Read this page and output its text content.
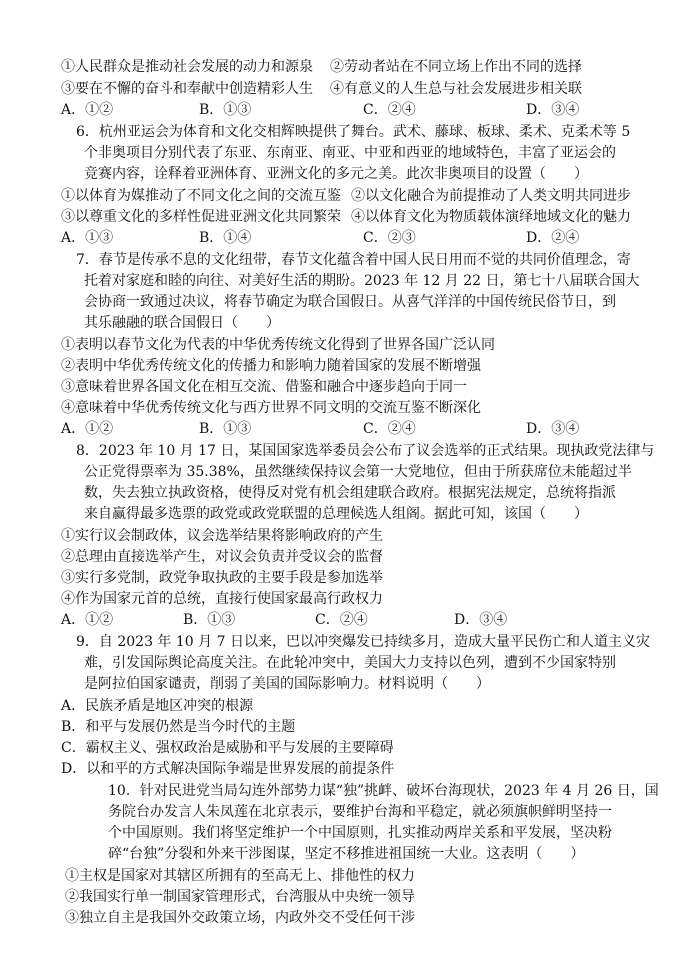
①人民群众是推动社会发展的动力和源泉 ②劳动者站在不同立场上作出不同的选择
③要在不懈的奋斗和奉献中创造精彩人生 ④有意义的人生总与社会发展进步相关联
A．①②	B．①③	C．②④	D．③④
6．杭州亚运会为体育和文化交相辉映提供了舞台。武术、藤球、板球、柔术、克柔术等 5
个非奥项目分别代表了东亚、东南亚、南亚、中亚和西亚的地域特色，丰富了亚运会的
竞赛内容，诠释着亚洲体育、亚洲文化的多元之美。此次非奥项目的设置（　　）
①以体育为媒推动了不同文化之间的交流互鉴 ②以文化融合为前提推动了人类文明共同进步
③以尊重文化的多样性促进亚洲文化共同繁荣 ④以体育文化为物质载体演绎地域文化的魅力
A．①③	B．①④	C．②③	D．②④
7．春节是传承不息的文化纽带，春节文化蕴含着中国人民日用而不觉的共同价值理念，寄
托着对家庭和睦的向往、对美好生活的期盼。2023 年 12 月 22 日，第七十八届联合国大
会协商一致通过决议，将春节确定为联合国假日。从喜气洋洋的中国传统民俗节日，到
其乐融融的联合国假日（　　）
①表明以春节文化为代表的中华优秀传统文化得到了世界各国广泛认同
②表明中华优秀传统文化的传播力和影响力随着国家的发展不断增强
③意味着世界各国文化在相互交流、借鉴和融合中逐步趋向于同一
④意味着中华优秀传统文化与西方世界不同文明的交流互鉴不断深化
A．①②	B．①③	C．②④	D．③④
8．2023 年 10 月 17 日，某国国家选举委员会公布了议会选举的正式结果。现执政党法律与
公正党得票率为 35.38%，虽然继续保持议会第一大党地位，但由于所获席位未能超过半
数，失去独立执政资格，使得反对党有机会组建联合政府。根据宪法规定，总统将指派
来自赢得最多选票的政党或政党联盟的总理候选人组阁。据此可知，该国（　　）
①实行议会制政体，议会选举结果将影响政府的产生
②总理由直接选举产生，对议会负责并受议会的监督
③实行多党制，政党争取执政的主要手段是参加选举
④作为国家元首的总统，直接行使国家最高行政权力
A．①②	B．①③	C．②④	D．③④
9．自 2023 年 10 月 7 日以来，巴以冲突爆发已持续多月，造成大量平民伤亡和人道主义灾
难，引发国际舆论高度关注。在此轮冲突中，美国大力支持以色列，遭到不少国家特别
是阿拉伯国家谴责，削弱了美国的国际影响力。材料说明（　　）
A．民族矛盾是地区冲突的根源
B．和平与发展仍然是当今时代的主题
C．霸权主义、强权政治是威胁和平与发展的主要障碍
D．以和平的方式解决国际争端是世界发展的前提条件
10．针对民进党当局勾连外部势力谋“独”挑衅、破坏台海现状，2023 年 4 月 26 日，国
务院台办发言人朱凤莲在北京表示，要维护台海和平稳定，就必须旗帜鲜明坚持一
个中国原则。我们将坚定维护一个中国原则，扎实推动两岸关系和平发展，坚决粉
碎“台独”分裂和外来干涉图谋，坚定不移推进祖国统一大业。这表明（　　）
①主权是国家对其辖区所拥有的至高无上、排他性的权力
②我国实行单一制国家管理形式，台湾服从中央统一领导
③独立自主是我国外交政策立场，内政外交不受任何干涉
